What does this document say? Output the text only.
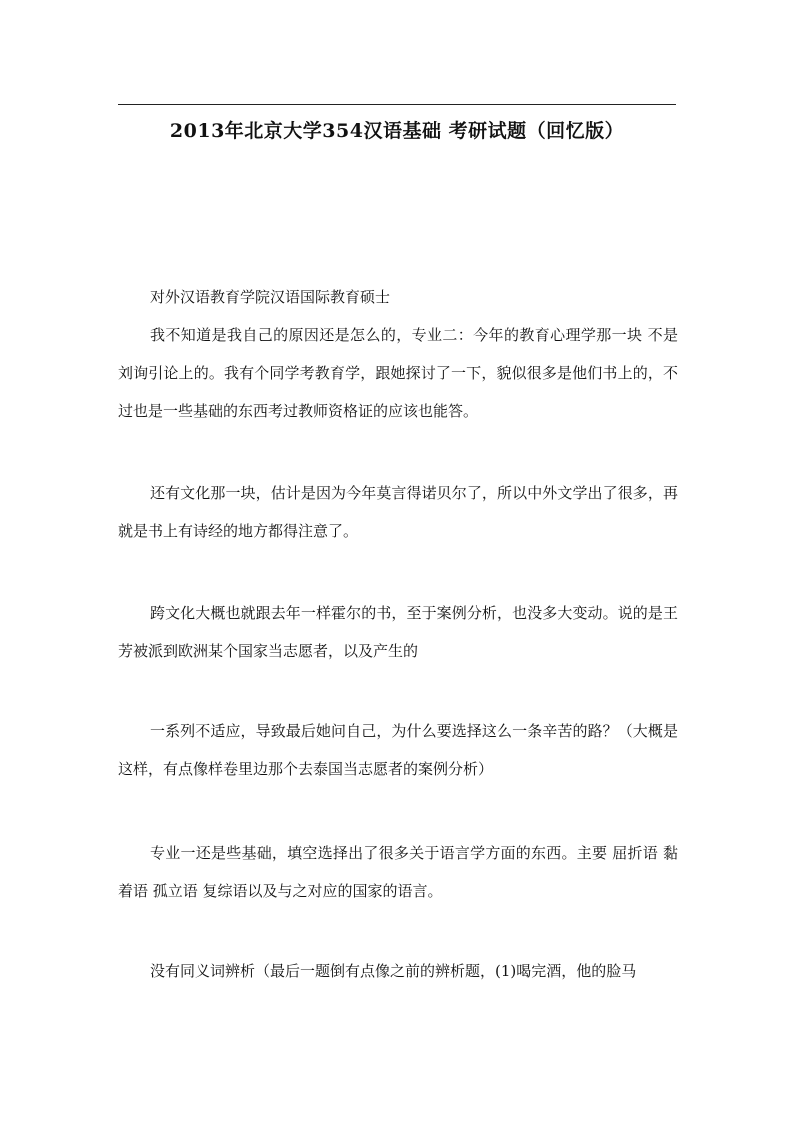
2013年北京大学354汉语基础 考研试题（回忆版）
对外汉语教育学院汉语国际教育硕士
我不知道是我自己的原因还是怎么的，专业二：今年的教育心理学那一块 不是刘询引论上的。我有个同学考教育学，跟她探讨了一下，貌似很多是他们书上的，不过也是一些基础的东西考过教师资格证的应该也能答。
还有文化那一块，估计是因为今年莫言得诺贝尔了，所以中外文学出了很多，再就是书上有诗经的地方都得注意了。
跨文化大概也就跟去年一样霍尔的书，至于案例分析，也没多大变动。说的是王芳被派到欧洲某个国家当志愿者，以及产生的
一系列不适应，导致最后她问自己，为什么要选择这么一条辛苦的路？（大概是这样，有点像样卷里边那个去泰国当志愿者的案例分析）
专业一还是些基础，填空选择出了很多关于语言学方面的东西。主要 屈折语 黏着语 孤立语 复综语以及与之对应的国家的语言。
没有同义词辨析（最后一题倒有点像之前的辨析题，(1)喝完酒，他的脸马
